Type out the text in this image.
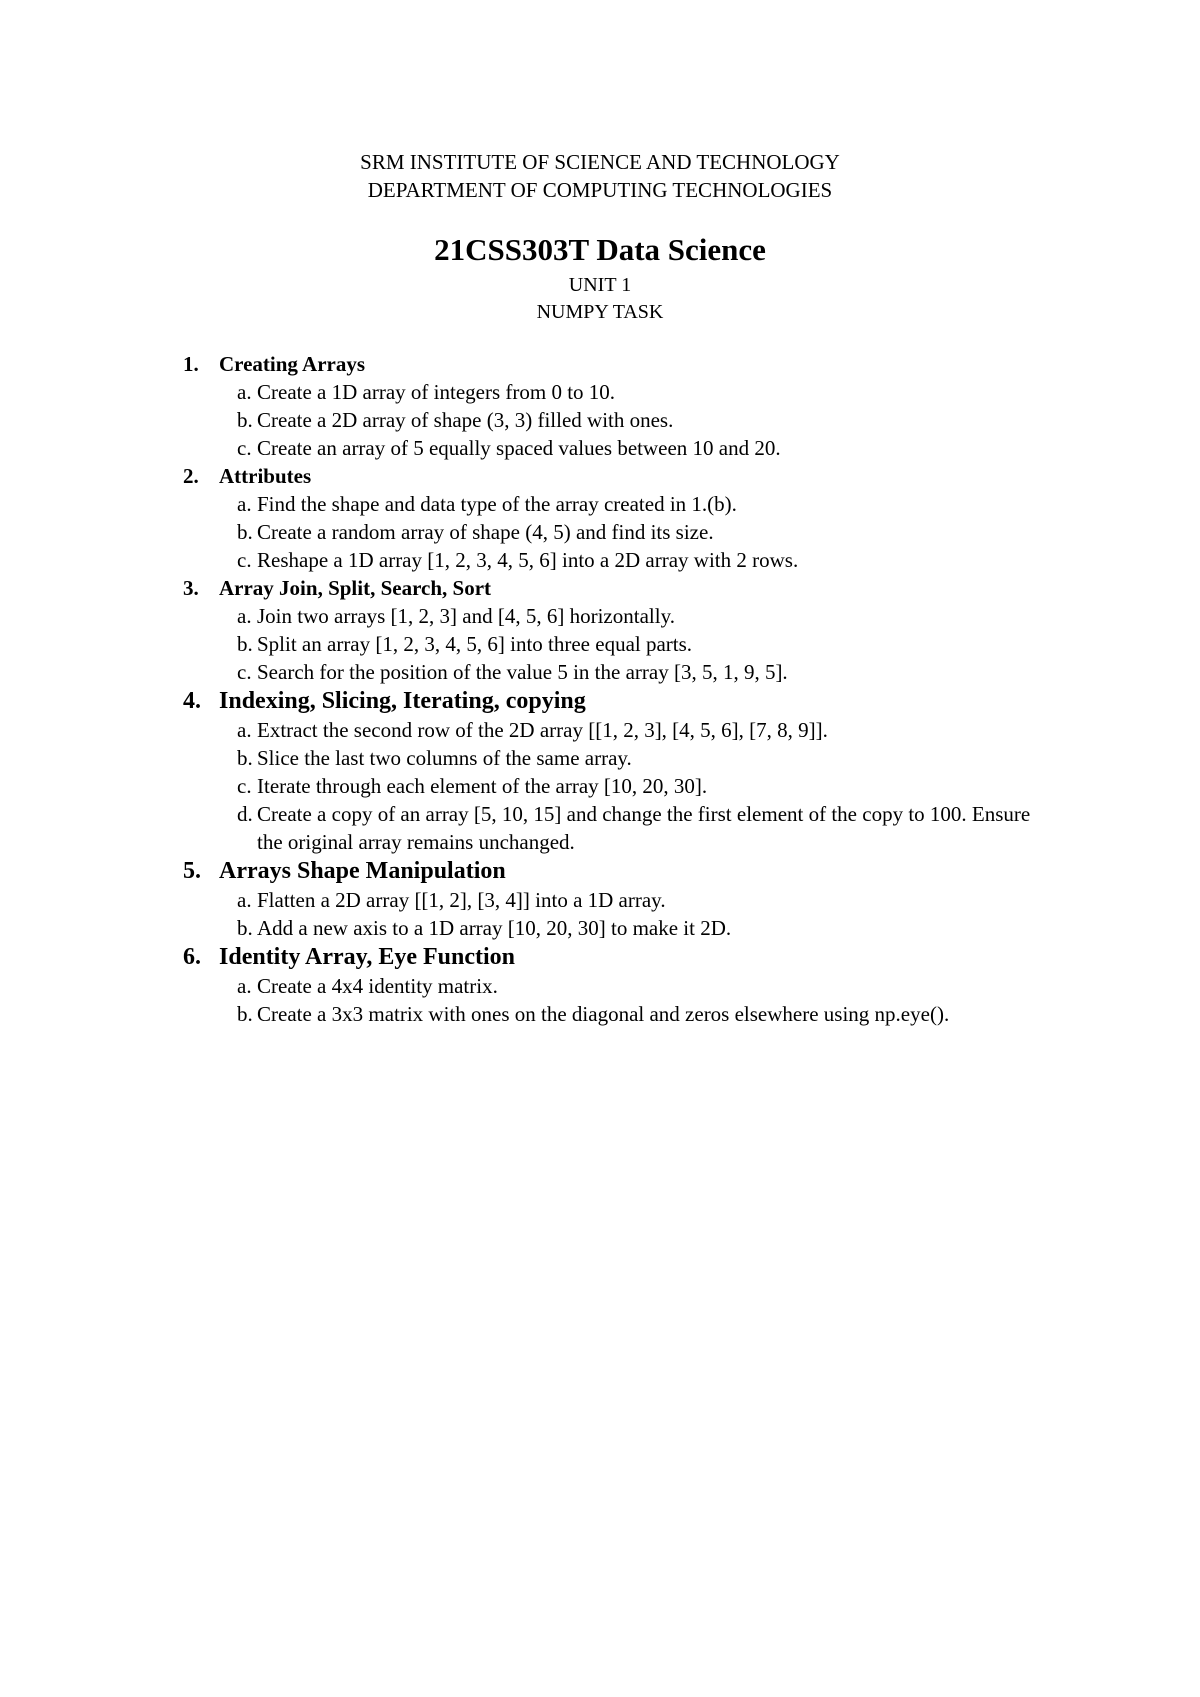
SRM INSTITUTE OF SCIENCE AND TECHNOLOGY
DEPARTMENT OF COMPUTING TECHNOLOGIES
21CSS303T Data Science
UNIT 1
NUMPY TASK
1. Creating Arrays
a. Create a 1D array of integers from 0 to 10.
b. Create a 2D array of shape (3, 3) filled with ones.
c. Create an array of 5 equally spaced values between 10 and 20.
2. Attributes
a. Find the shape and data type of the array created in 1.(b).
b. Create a random array of shape (4, 5) and find its size.
c. Reshape a 1D array [1, 2, 3, 4, 5, 6] into a 2D array with 2 rows.
3. Array Join, Split, Search, Sort
a. Join two arrays [1, 2, 3] and [4, 5, 6] horizontally.
b. Split an array [1, 2, 3, 4, 5, 6] into three equal parts.
c. Search for the position of the value 5 in the array [3, 5, 1, 9, 5].
4. Indexing, Slicing, Iterating, copying
a. Extract the second row of the 2D array [[1, 2, 3], [4, 5, 6], [7, 8, 9]].
b. Slice the last two columns of the same array.
c. Iterate through each element of the array [10, 20, 30].
d. Create a copy of an array [5, 10, 15] and change the first element of the copy to 100. Ensure the original array remains unchanged.
5. Arrays Shape Manipulation
a. Flatten a 2D array [[1, 2], [3, 4]] into a 1D array.
b. Add a new axis to a 1D array [10, 20, 30] to make it 2D.
6. Identity Array, Eye Function
a. Create a 4x4 identity matrix.
b. Create a 3x3 matrix with ones on the diagonal and zeros elsewhere using np.eye().
